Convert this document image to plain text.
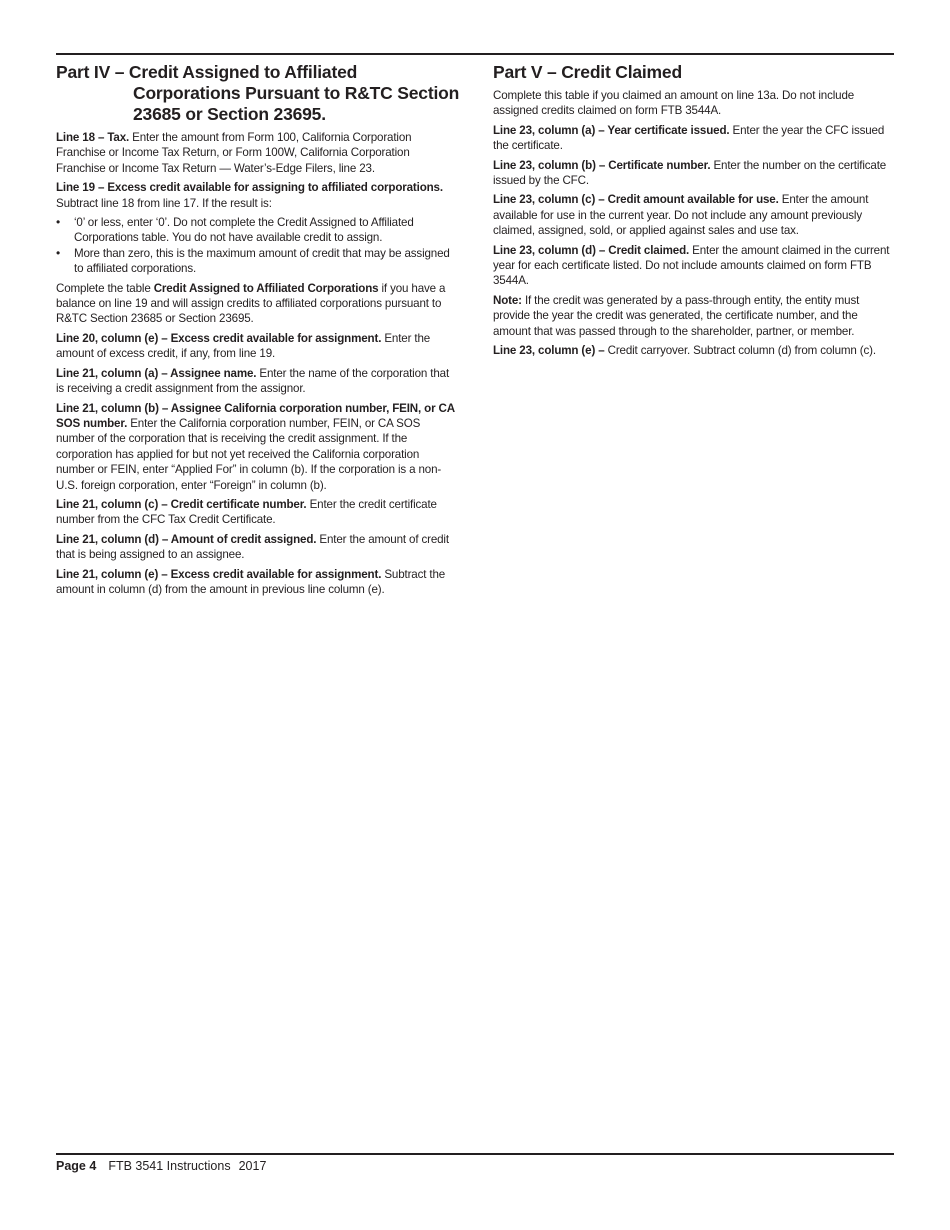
Part IV – Credit Assigned to Affiliated
Corporations Pursuant to R&TC Section 23685 or Section 23695.

Line 18 – Tax. Enter the amount from Form 100, California Corporation Franchise or Income Tax Return, or Form 100W, California Corporation Franchise or Income Tax Return — Water’s-Edge Filers, line 23.

Line 19 – Excess credit available for assigning to affiliated corporations. Subtract line 18 from line 17. If the result is:

• ‘0’ or less, enter ‘0’. Do not complete the Credit Assigned to Affiliated Corporations table. You do not have available credit to assign.
• More than zero, this is the maximum amount of credit that may be assigned to affiliated corporations.

Complete the table Credit Assigned to Affiliated Corporations if you have a balance on line 19 and will assign credits to affiliated corporations pursuant to R&TC Section 23685 or Section 23695.

Line 20, column (e) – Excess credit available for assignment. Enter the amount of excess credit, if any, from line 19.

Line 21, column (a) – Assignee name. Enter the name of the corporation that is receiving a credit assignment from the assignor.

Line 21, column (b) – Assignee California corporation number, FEIN, or CA SOS number. Enter the California corporation number, FEIN, or CA SOS number of the corporation that is receiving the credit assignment. If the corporation has applied for but not yet received the California corporation number or FEIN, enter “Applied For” in column (b). If the corporation is a non-U.S. foreign corporation, enter “Foreign” in column (b).

Line 21, column (c) – Credit certificate number. Enter the credit certificate number from the CFC Tax Credit Certificate.

Line 21, column (d) – Amount of credit assigned. Enter the amount of credit that is being assigned to an assignee.

Line 21, column (e) – Excess credit available for assignment. Subtract the amount in column (d) from the amount in previous line column (e).

Part V – Credit Claimed

Complete this table if you claimed an amount on line 13a. Do not include assigned credits claimed on form FTB 3544A.

Line 23, column (a) – Year certificate issued. Enter the year the CFC issued the certificate.

Line 23, column (b) – Certificate number. Enter the number on the certificate issued by the CFC.

Line 23, column (c) – Credit amount available for use. Enter the amount available for use in the current year. Do not include any amount previously claimed, assigned, sold, or applied against sales and use tax.

Line 23, column (d) – Credit claimed. Enter the amount claimed in the current year for each certificate listed. Do not include amounts claimed on form FTB 3544A.

Note: If the credit was generated by a pass-through entity, the entity must provide the year the credit was generated, the certificate number, and the amount that was passed through to the shareholder, partner, or member.

Line 23, column (e) – Credit carryover. Subtract column (d) from column (c).

Page 4 FTB 3541 Instructions 2017
